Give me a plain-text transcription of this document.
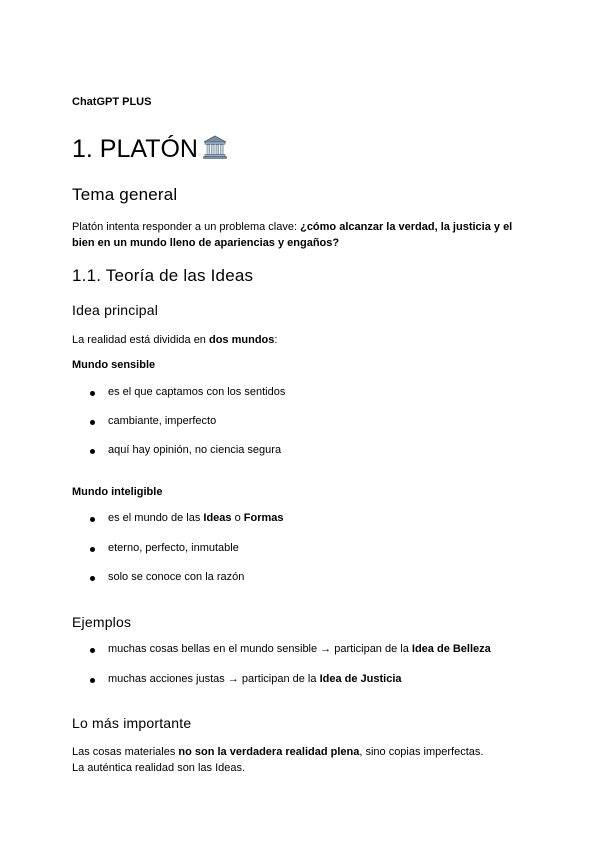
ChatGPT PLUS
1. PLATÓN
Tema general

Platón intenta responder a un problema clave: ¿cómo alcanzar la verdad, la justicia y el
bien en un mundo lleno de apariencias y engaños?

1.1. Teoría de las Ideas
Idea principal

La realidad está dividida en dos mundos:

Mundo sensible
es el que captamos con los sentidos
cambiante, imperfecto
aquí hay opinión, no ciencia segura
Mundo inteligible
es el mundo de las Ideas o Formas
eterno, perfecto, inmutable
solo se conoce con la razón
Ejemplos
muchas cosas bellas en el mundo sensible → participan de la Idea de Belleza
muchas acciones justas → participan de la Idea de Justicia
Lo más importante

Las cosas materiales no son la verdadera realidad plena, sino copias imperfectas.
La auténtica realidad son las Ideas.
